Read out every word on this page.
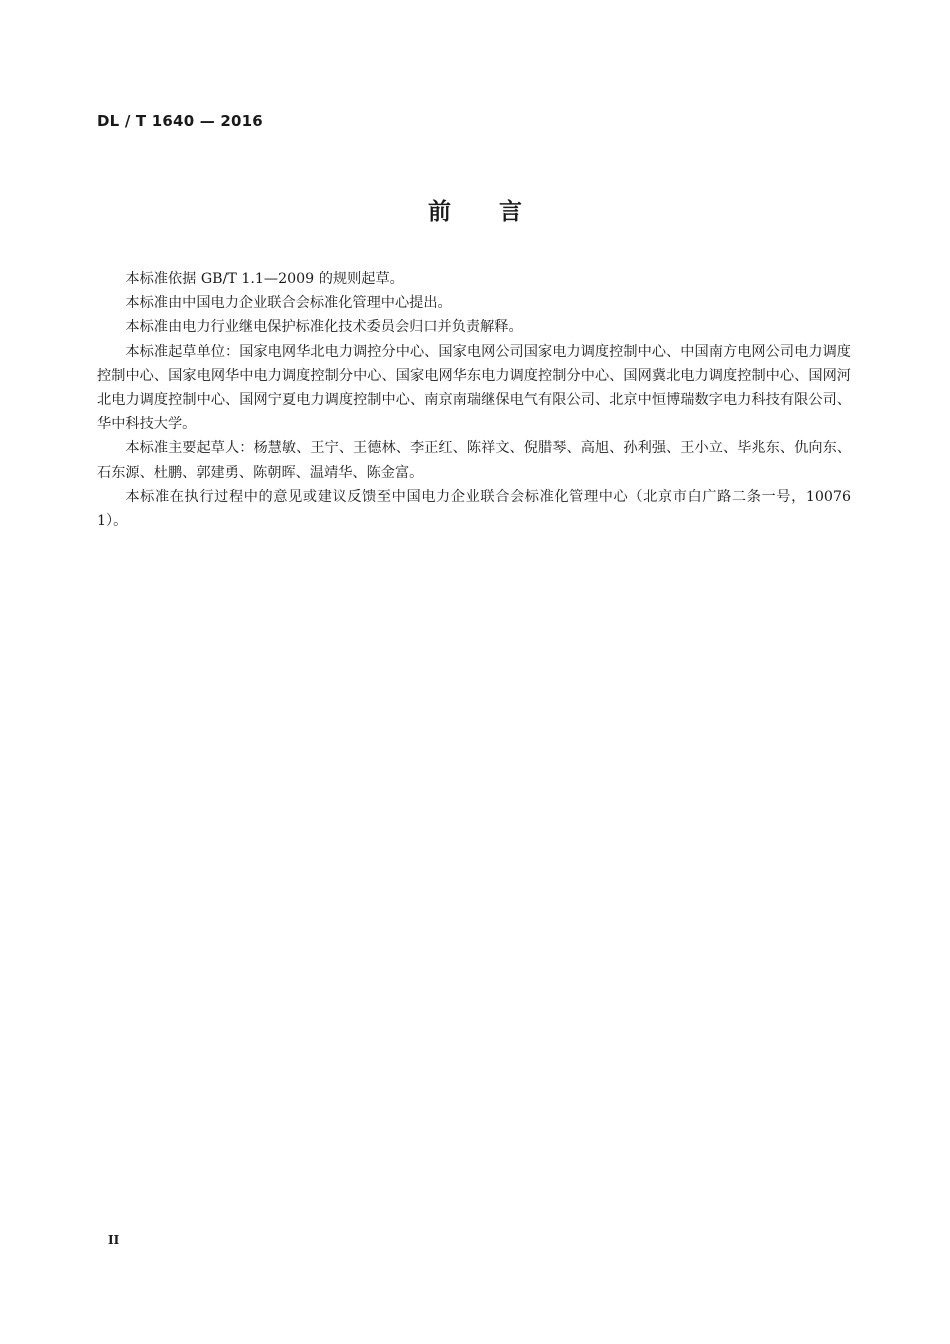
DL / T 1640 — 2016
前言

本标准依据 GB/T 1.1—2009 的规则起草。

本标准由中国电力企业联合会标准化管理中心提出。

本标准由电力行业继电保护标准化技术委员会归口并负责解释。

本标准起草单位：国家电网华北电力调控分中心、国家电网公司国家电力调度控制中心、中国南方电网公司电力调度控制中心、国家电网华中电力调度控制分中心、国家电网华东电力调度控制分中心、国网冀北电力调度控制中心、国网河北电力调度控制中心、国网宁夏电力调度控制中心、南京南瑞继保电气有限公司、北京中恒博瑞数字电力科技有限公司、华中科技大学。

本标准主要起草人：杨慧敏、王宁、王德林、李正红、陈祥文、倪腊琴、高旭、孙利强、王小立、毕兆东、仇向东、石东源、杜鹏、郭建勇、陈朝晖、温靖华、陈金富。

本标准在执行过程中的意见或建议反馈至中国电力企业联合会标准化管理中心（北京市白广路二条一号，100761）。

II
